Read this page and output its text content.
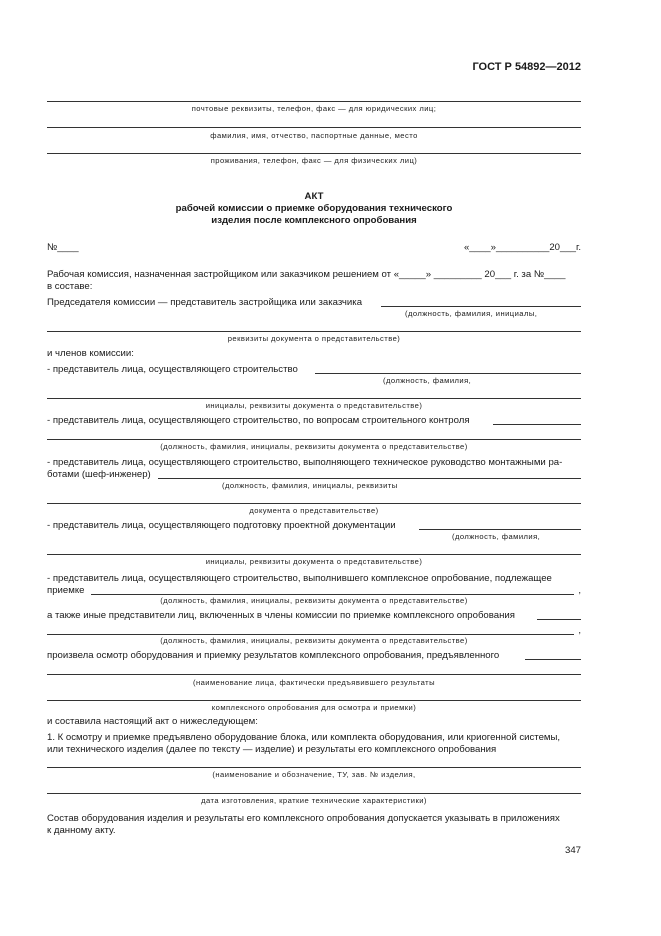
ГОСТ Р 54892—2012
почтовые реквизиты, телефон, факс — для юридических лиц;
фамилия, имя, отчество, паспортные данные, место
проживания, телефон, факс — для физических лиц)
АКТ
рабочей комиссии о приемке оборудования технического
изделия после комплексного опробования
№____	«____»__________20___г.
Рабочая комиссия, назначенная застройщиком или заказчиком решением от «_____» _________ 20___ г. за №____
в составе:
Председателя комиссии — представитель застройщика или заказчика
(должность, фамилия, инициалы,
реквизиты документа о представительстве)
и членов комиссии:
- представитель лица, осуществляющего строительство
(должность, фамилия,
инициалы, реквизиты документа о представительстве)
- представитель лица, осуществляющего строительство, по вопросам строительного контроля
(должность, фамилия, инициалы, реквизиты документа о представительстве)
- представитель лица, осуществляющего строительство, выполняющего техническое руководство монтажными ра-
ботами (шеф-инженер)
(должность, фамилия, инициалы, реквизиты
документа о представительстве)
- представитель лица, осуществляющего подготовку проектной документации
(должность, фамилия,
инициалы, реквизиты документа о представительстве)
- представитель лица, осуществляющего строительство, выполнившего комплексное опробование, подлежащее
приемке	,
(должность, фамилия, инициалы, реквизиты документа о представительстве)
а также иные представители лиц, включенных в члены комиссии по приемке комплексного опробования
,
(должность, фамилия, инициалы, реквизиты документа о представительстве)
произвела осмотр оборудования и приемку результатов комплексного опробования, предъявленного
(наименование лица, фактически предъявившего результаты
комплексного опробования для осмотра и приемки)
и составила настоящий акт о нижеследующем:
1. К осмотру и приемке предъявлено оборудование блока, или комплекта оборудования, или криогенной системы,
или технического изделия (далее по тексту — изделие) и результаты его комплексного опробования
(наименование и обозначение, ТУ, зав. № изделия,
дата изготовления, краткие технические характеристики)
Состав оборудования изделия и результаты его комплексного опробования допускается указывать в приложениях
к данному акту.
347
